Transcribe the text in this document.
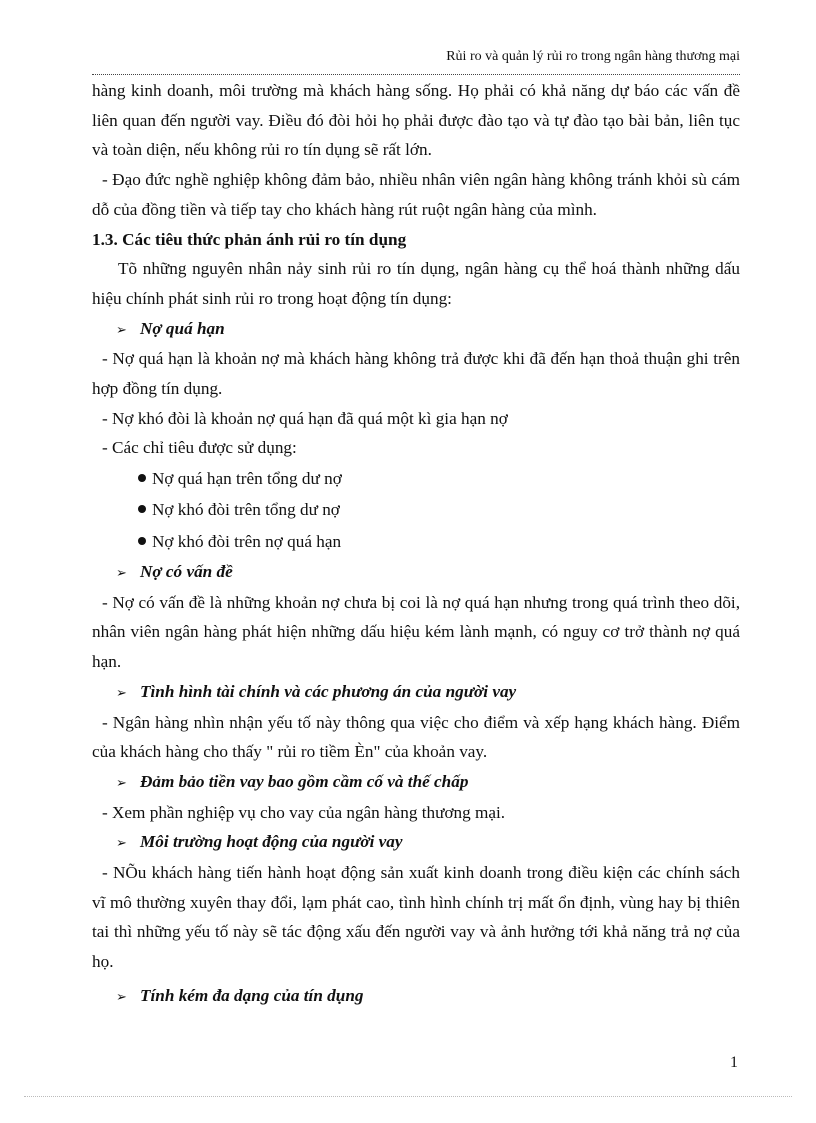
Rủi ro và quản lý rủi ro trong ngân hàng thương mại

hàng kinh doanh, môi trường mà khách hàng sống. Họ phải có khả năng dự báo các vấn đề liên quan đến người vay. Điều đó đòi hỏi họ phải được đào tạo và tự đào tạo bài bản, liên tục và toàn diện, nếu không rủi ro tín dụng sẽ rất lớn.

- Đạo đức nghề nghiệp không đảm bảo, nhiều nhân viên ngân hàng không tránh khỏi sù cám dỗ của đồng tiền và tiếp tay cho khách hàng rút ruột ngân hàng của mình.

1.3. Các tiêu thức phản ánh rủi ro tín dụng

Tõ những nguyên nhân nảy sinh rủi ro tín dụng, ngân hàng cụ thể hoá thành những dấu hiệu chính phát sinh rủi ro trong hoạt động tín dụng:

➢ Nợ quá hạn

- Nợ quá hạn là khoản nợ mà khách hàng không trả được khi đã đến hạn thoả thuận ghi trên hợp đồng tín dụng.

- Nợ khó đòi là khoản nợ quá hạn đã quá một kì gia hạn nợ

- Các chỉ tiêu được sử dụng:

Nợ quá hạn trên tổng dư nợ
Nợ khó đòi trên tổng dư nợ
Nợ khó đòi trên nợ quá hạn

➢ Nợ có vấn đề

- Nợ có vấn đề là những khoản nợ chưa bị coi là nợ quá hạn nhưng trong quá trình theo dõi, nhân viên ngân hàng phát hiện những dấu hiệu kém lành mạnh, có nguy cơ trở thành nợ quá hạn.

➢ Tình hình tài chính và các phương án của người vay

- Ngân hàng nhìn nhận yếu tố này thông qua việc cho điểm và xếp hạng khách hàng. Điểm của khách hàng cho thấy " rủi ro tiềm Èn" của khoản vay.

➢ Đảm bảo tiền vay bao gồm cầm cố và thế chấp

- Xem phần nghiệp vụ cho vay của ngân hàng thương mại.

➢ Môi trường hoạt động của người vay

- NÕu khách hàng tiến hành hoạt động sản xuất kinh doanh trong điều kiện các chính sách vĩ mô thường xuyên thay đổi, lạm phát cao, tình hình chính trị mất ổn định, vùng hay bị thiên tai thì những yếu tố này sẽ tác động xấu đến người vay và ảnh hưởng tới khả năng trả nợ của họ.

➢ Tính kém đa dạng của tín dụng

1
